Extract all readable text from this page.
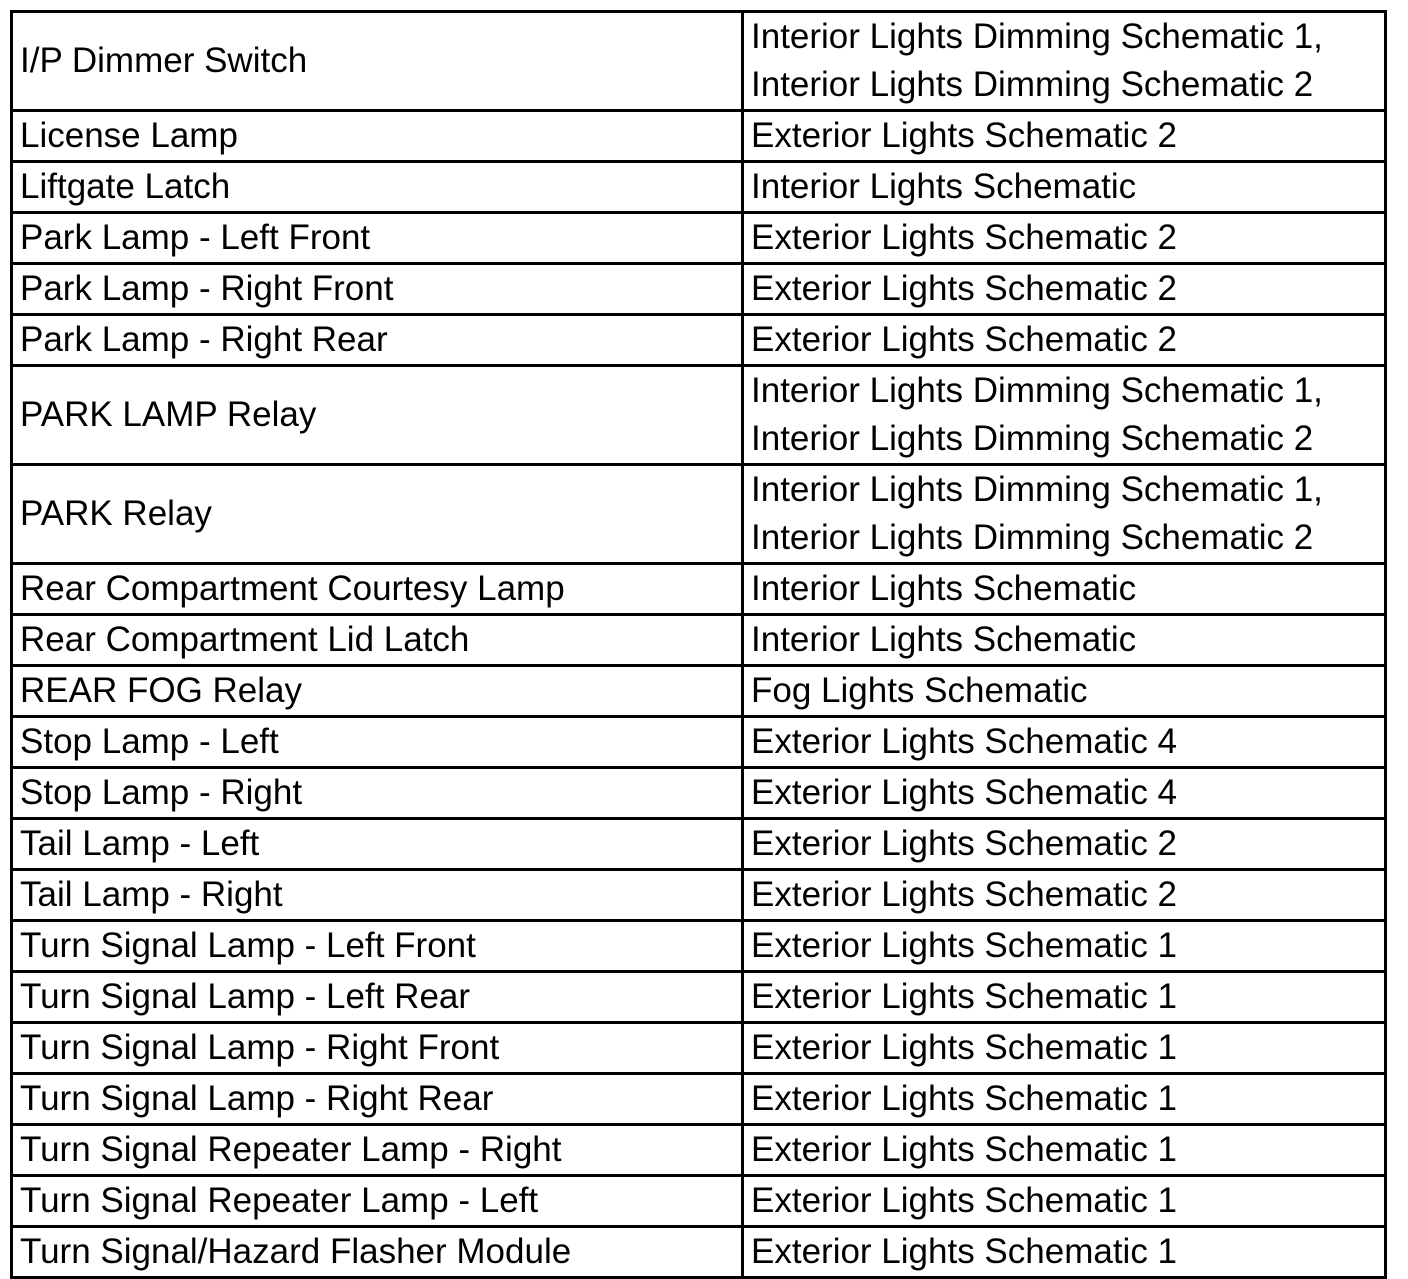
I/P Dimmer Switch	Interior Lights Dimming Schematic 1,
Interior Lights Dimming Schematic 2

License Lamp	Exterior Lights Schematic 2

Liftgate Latch	Interior Lights Schematic

Park Lamp - Left Front	Exterior Lights Schematic 2

Park Lamp - Right Front	Exterior Lights Schematic 2

Park Lamp - Right Rear	Exterior Lights Schematic 2

PARK LAMP Relay	Interior Lights Dimming Schematic 1,
Interior Lights Dimming Schematic 2

PARK Relay	Interior Lights Dimming Schematic 1,
Interior Lights Dimming Schematic 2

Rear Compartment Courtesy Lamp	Interior Lights Schematic

Rear Compartment Lid Latch	Interior Lights Schematic

REAR FOG Relay	Fog Lights Schematic

Stop Lamp - Left	Exterior Lights Schematic 4

Stop Lamp - Right	Exterior Lights Schematic 4

Tail Lamp - Left	Exterior Lights Schematic 2

Tail Lamp - Right	Exterior Lights Schematic 2

Turn Signal Lamp - Left Front	Exterior Lights Schematic 1

Turn Signal Lamp - Left Rear	Exterior Lights Schematic 1

Turn Signal Lamp - Right Front	Exterior Lights Schematic 1

Turn Signal Lamp - Right Rear	Exterior Lights Schematic 1

Turn Signal Repeater Lamp - Right	Exterior Lights Schematic 1

Turn Signal Repeater Lamp - Left	Exterior Lights Schematic 1

Turn Signal/Hazard Flasher Module	Exterior Lights Schematic 1
